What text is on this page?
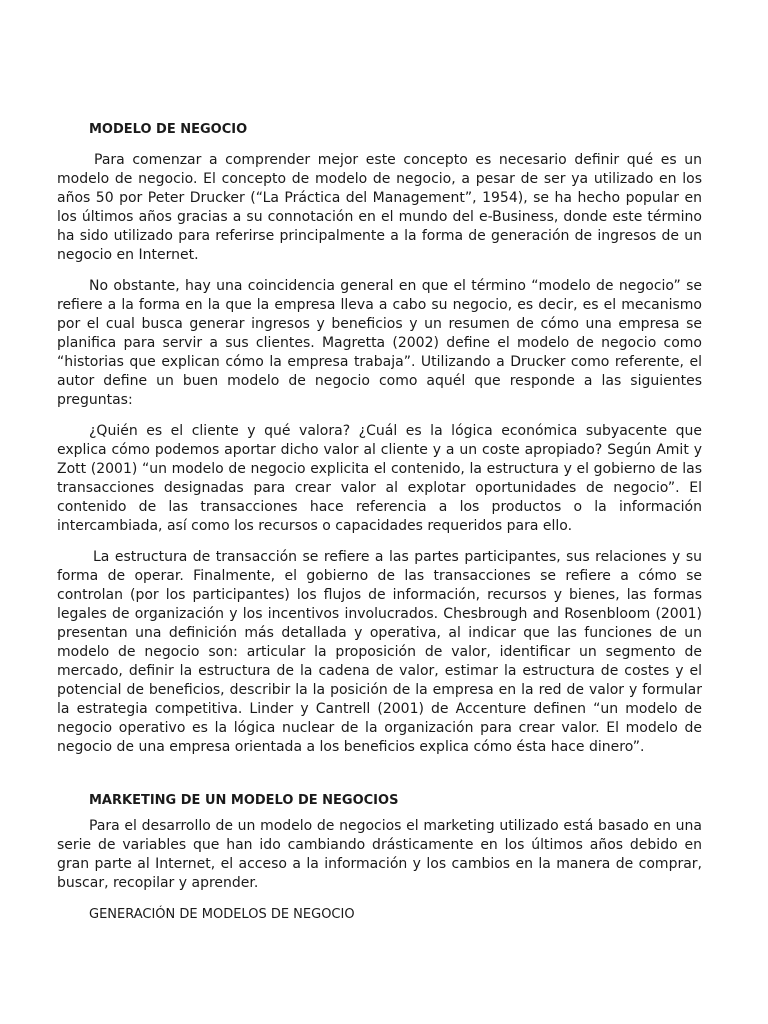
MODELO DE NEGOCIO

Para comenzar a comprender mejor este concepto es necesario definir qué es un modelo de negocio. El concepto de modelo de negocio, a pesar de ser ya utilizado en los años 50 por Peter Drucker (“La Práctica del Management”, 1954), se ha hecho popular en los últimos años gracias a su connotación en el mundo del e-Business, donde este término ha sido utilizado para referirse principalmente a la forma de generación de ingresos de un negocio en Internet.

No obstante, hay una coincidencia general en que el término “modelo de negocio” se refiere a la forma en la que la empresa lleva a cabo su negocio, es decir, es el mecanismo por el cual busca generar ingresos y beneficios y un resumen de cómo una empresa se planifica para servir a sus clientes. Magretta (2002) define el modelo de negocio como “historias que explican cómo la empresa trabaja”. Utilizando a Drucker como referente, el autor define un buen modelo de negocio como aquél que responde a las siguientes preguntas:

¿Quién es el cliente y qué valora? ¿Cuál es la lógica económica subyacente que explica cómo podemos aportar dicho valor al cliente y a un coste apropiado? Según Amit y Zott (2001) “un modelo de negocio explicita el contenido, la estructura y el gobierno de las transacciones designadas para crear valor al explotar oportunidades de negocio”. El contenido de las transacciones hace referencia a los productos o la información intercambiada, así como los recursos o capacidades requeridos para ello.

La estructura de transacción se refiere a las partes participantes, sus relaciones y su forma de operar. Finalmente, el gobierno de las transacciones se refiere a cómo se controlan (por los participantes) los flujos de información, recursos y bienes, las formas legales de organización y los incentivos involucrados. Chesbrough and Rosenbloom (2001) presentan una definición más detallada y operativa, al indicar que las funciones de un modelo de negocio son: articular la proposición de valor, identificar un segmento de mercado, definir la estructura de la cadena de valor, estimar la estructura de costes y el potencial de beneficios, describir la la posición de la empresa en la red de valor y formular la estrategia competitiva. Linder y Cantrell (2001) de Accenture definen “un modelo de negocio operativo es la lógica nuclear de la organización para crear valor. El modelo de negocio de una empresa orientada a los beneficios explica cómo ésta hace dinero”.

MARKETING DE UN MODELO DE NEGOCIOS

Para el desarrollo de un modelo de negocios el marketing utilizado está basado en una serie de variables que han ido cambiando drásticamente en los últimos años debido en gran parte al Internet, el acceso a la información y los cambios en la manera de comprar, buscar, recopilar y aprender.

GENERACIÓN DE MODELOS DE NEGOCIO
